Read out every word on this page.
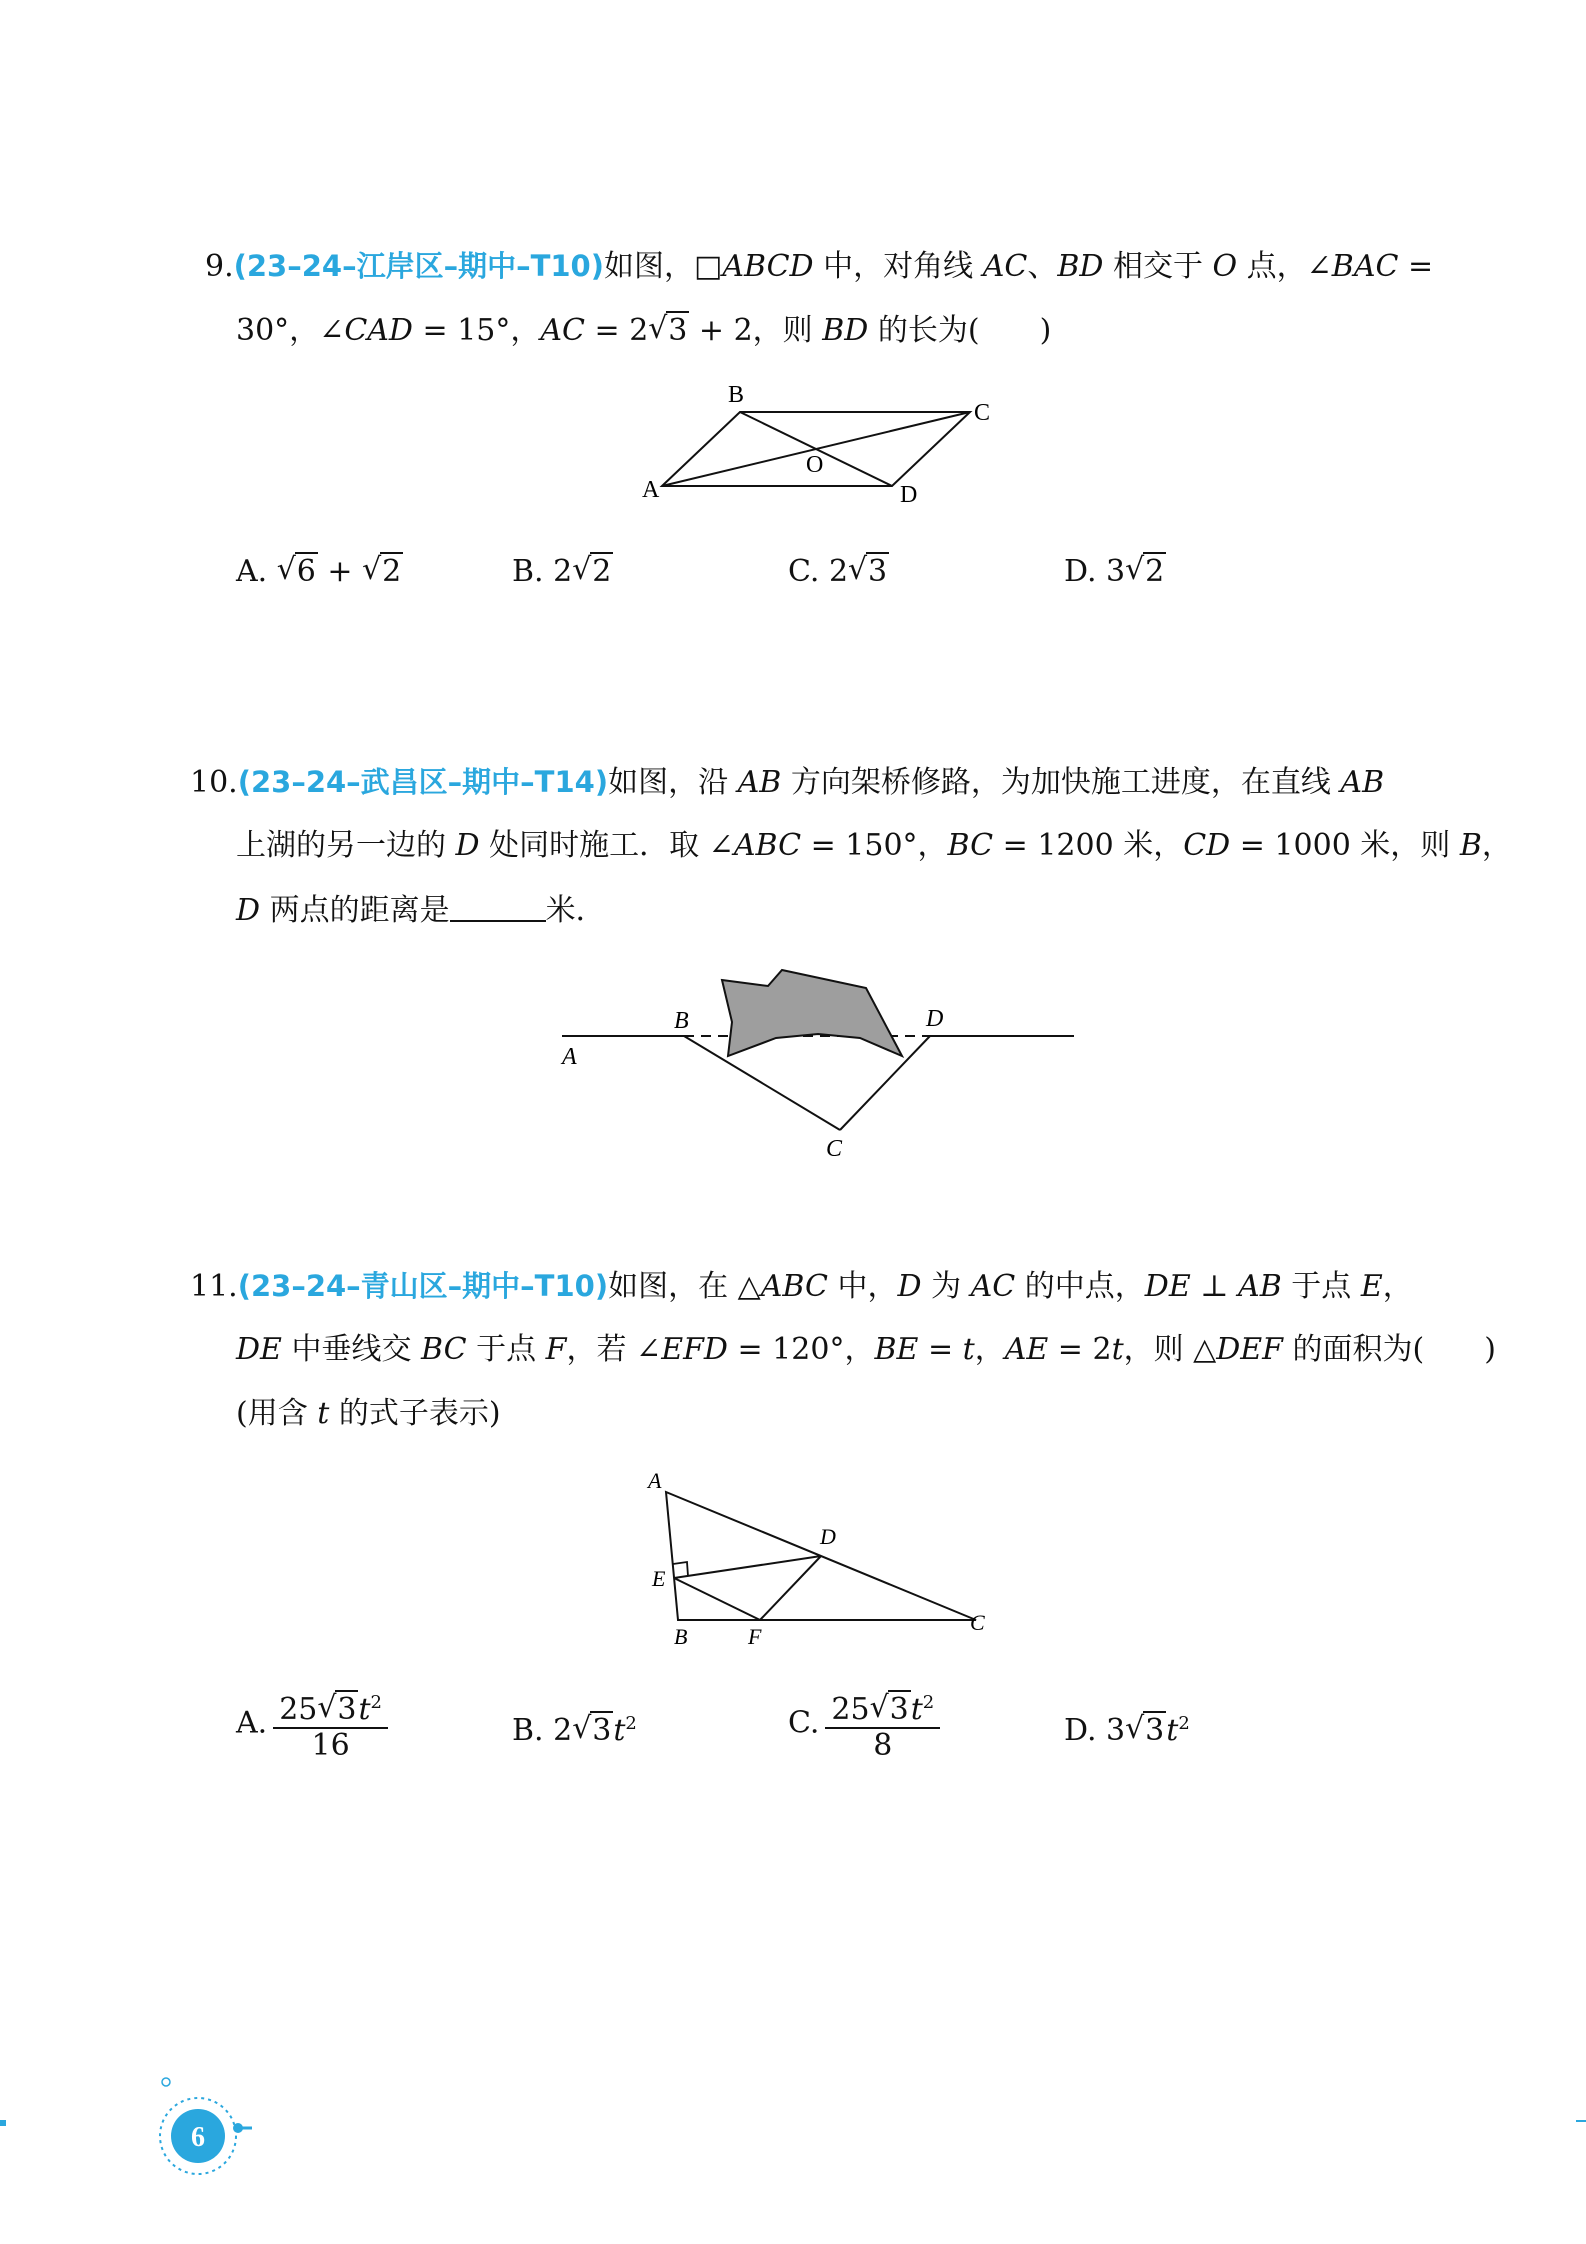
9.(23–24–江岸区–期中–T10)如图，□ABCD 中，对角线 AC、BD 相交于 O 点，∠BAC =
30°，∠CAD = 15°，AC = 2 √ 3 + 2，则 BD 的长为(　　)
A
B
C
D
O
A. √ 6 + √ 2	B. 2 √ 2	C. 2 √ 3	D. 3 √ 2
10.(23–24–武昌区–期中–T14)如图，沿 AB 方向架桥修路，为加快施工进度，在直线 AB
上湖的另一边的 D 处同时施工．取 ∠ABC = 150°，BC = 1200 米，CD = 1000 米，则 B，
D 两点的距离是	米．
A
B
C
D
11.(23–24–青山区–期中–T10)如图，在 △ABC 中，D 为 AC 的中点，DE ⊥ AB 于点 E，
DE 中垂线交 BC 于点 F，若 ∠EFD = 120°，BE = t，AE = 2t，则 △DEF 的面积为(　　)
(用含 t 的式子表示)
A
B
C
D
E
F
A. $\frac{25 √ 3t^2}{16}$	B. 2 √ $3t^2$	C. $\frac{25 √ 3t^2}{8}$	D. 3 √ $3t^2$
6
